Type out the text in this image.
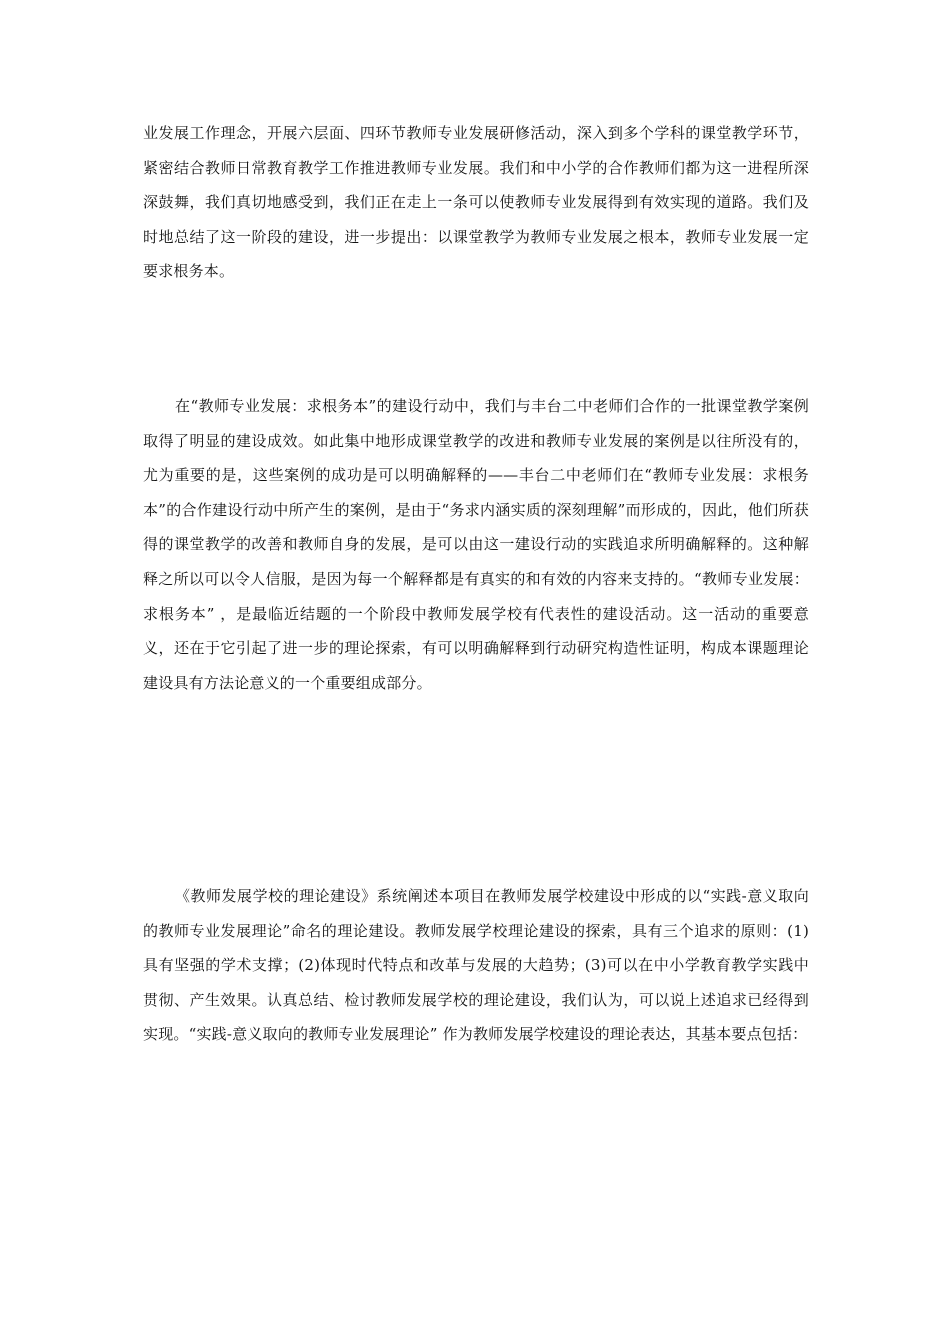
业发展工作理念，开展六层面、四环节教师专业发展研修活动，深入到多个学科的课堂教学环节，紧密结合教师日常教育教学工作推进教师专业发展。我们和中小学的合作教师们都为这一进程所深深鼓舞，我们真切地感受到，我们正在走上一条可以使教师专业发展得到有效实现的道路。我们及时地总结了这一阶段的建设，进一步提出：以课堂教学为教师专业发展之根本，教师专业发展一定要求根务本。

在“教师专业发展：求根务本”的建设行动中，我们与丰台二中老师们合作的一批课堂教学案例取得了明显的建设成效。如此集中地形成课堂教学的改进和教师专业发展的案例是以往所没有的，尤为重要的是，这些案例的成功是可以明确解释的——丰台二中老师们在“教师专业发展：求根务本”的合作建设行动中所产生的案例，是由于“务求内涵实质的深刻理解”而形成的，因此，他们所获得的课堂教学的改善和教师自身的发展，是可以由这一建设行动的实践追求所明确解释的。这种解释之所以可以令人信服，是因为每一个解释都是有真实的和有效的内容来支持的。“教师专业发展：求根务本” ，是最临近结题的一个阶段中教师发展学校有代表性的建设活动。这一活动的重要意义，还在于它引起了进一步的理论探索，有可以明确解释到行动研究构造性证明，构成本课题理论建设具有方法论意义的一个重要组成部分。

《教师发展学校的理论建设》系统阐述本项目在教师发展学校建设中形成的以“实践-意义取向的教师专业发展理论”命名的理论建设。教师发展学校理论建设的探索，具有三个追求的原则：(1)具有坚强的学术支撑；(2)体现时代特点和改革与发展的大趋势；(3)可以在中小学教育教学实践中贯彻、产生效果。认真总结、检讨教师发展学校的理论建设，我们认为，可以说上述追求已经得到实现。“实践-意义取向的教师专业发展理论” 作为教师发展学校建设的理论表达，其基本要点包括：
